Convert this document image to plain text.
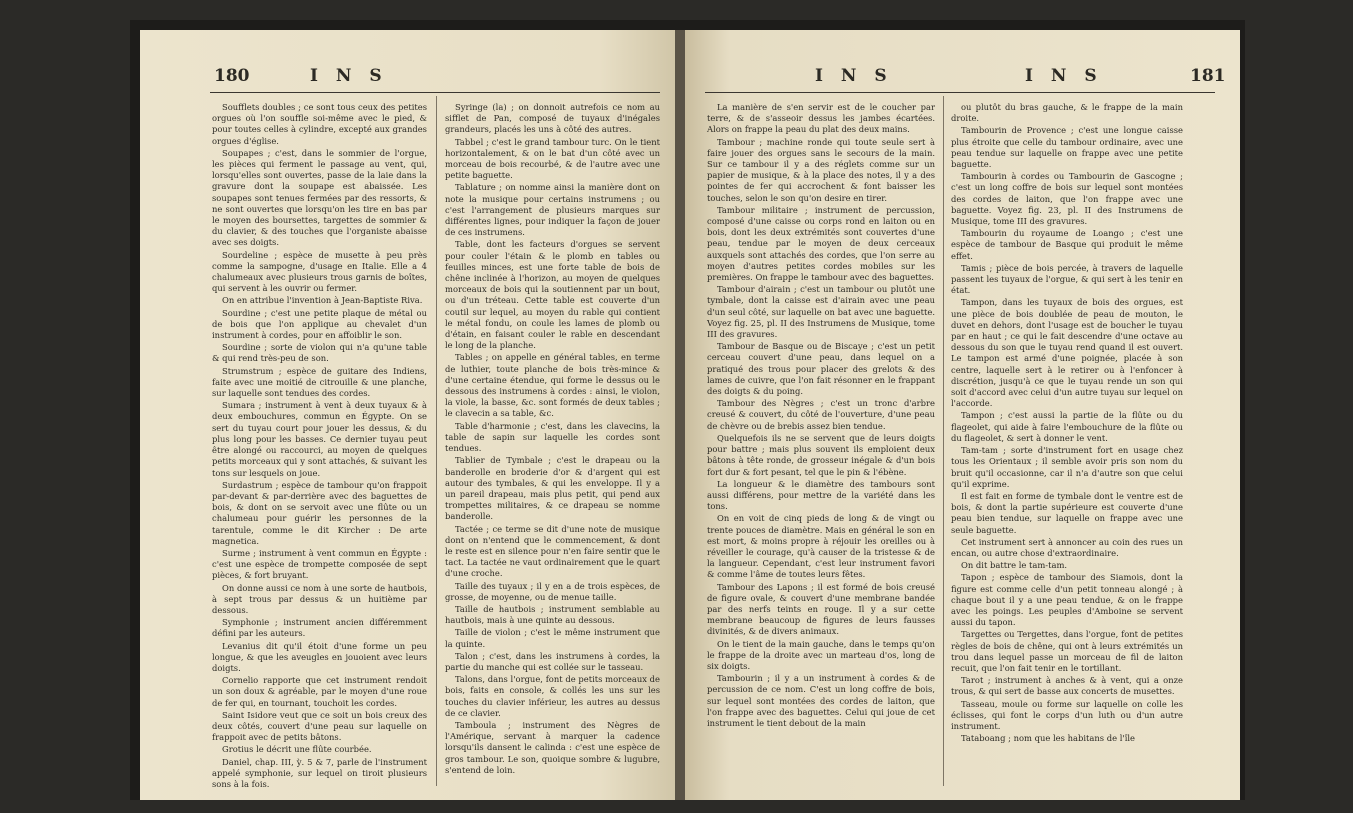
180	I N S

Soufflets doubles ; ce sont tous ceux des petites orgues où l'on souffle soi-même avec le pied, & pour toutes celles à cylindre, excepté aux grandes orgues d'église.

Soupapes ; c'est, dans le sommier de l'orgue, les pièces qui ferment le passage au vent, qui, lorsqu'elles sont ouvertes, passe de la laie dans la gravure dont la soupape est abaissée. Les soupapes sont tenues fermées par des ressorts, & ne sont ouvertes que lorsqu'on les tire en bas par le moyen des boursettes, targettes de sommier & du clavier, & des touches que l'organiste abaisse avec ses doigts.

Sourdeline ; espèce de musette à peu près comme la sampogne, d'usage en Italie. Elle a 4 chalumeaux avec plusieurs trous garnis de boîtes, qui servent à les ouvrir ou fermer.

On en attribue l'invention à Jean-Baptiste Riva.

Sourdine ; c'est une petite plaque de métal ou de bois que l'on applique au chevalet d'un instrument à cordes, pour en affoiblir le son.

Sourdine ; sorte de violon qui n'a qu'une table & qui rend très-peu de son.

Strumstrum ; espèce de guitare des Indiens, faite avec une moitié de citrouille & une planche, sur laquelle sont tendues des cordes.

Sumara ; instrument à vent à deux tuyaux & à deux embouchures, commun en Égypte. On se sert du tuyau court pour jouer les dessus, & du plus long pour les basses. Ce dernier tuyau peut être alongé ou raccourci, au moyen de quelques petits morceaux qui y sont attachés, & suivant les tons sur lesquels on joue.

Surdastrum ; espèce de tambour qu'on frappoit par-devant & par-derrière avec des baguettes de bois, & dont on se servoit avec une flûte ou un chalumeau pour guérir les personnes de la tarentule, comme le dit Kircher : De arte magnetica.

Surme ; instrument à vent commun en Égypte : c'est une espèce de trompette composée de sept pièces, & fort bruyant.

On donne aussi ce nom à une sorte de hautbois, à sept trous par dessus & un huitième par dessous.

Symphonie ; instrument ancien différemment défini par les auteurs.

Levanius dit qu'il étoit d'une forme un peu longue, & que les aveugles en jouoient avec leurs doigts.

Cornelio rapporte que cet instrument rendoit un son doux & agréable, par le moyen d'une roue de fer qui, en tournant, touchoit les cordes.

Saint Isidore veut que ce soit un bois creux des deux côtés, couvert d'une peau sur laquelle on frappoit avec de petits bâtons.

Grotius le décrit une flûte courbée.

Daniel, chap. III, ỳ. 5 & 7, parle de l'instrument appelé symphonie, sur lequel on tiroit plusieurs sons à la fois.

Syringe (la) ; on donnoit autrefois ce nom au sifflet de Pan, composé de tuyaux d'inégales grandeurs, placés les uns à côté des autres.

Tabbel ; c'est le grand tambour turc. On le tient horizontalement, & on le bat d'un côté avec un morceau de bois recourbé, & de l'autre avec une petite baguette.

Tablature ; on nomme ainsi la manière dont on note la musique pour certains instrumens ; ou c'est l'arrangement de plusieurs marques sur différentes lignes, pour indiquer la façon de jouer de ces instrumens.

Table, dont les facteurs d'orgues se servent pour couler l'étain & le plomb en tables ou feuilles minces, est une forte table de bois de chêne inclinée à l'horizon, au moyen de quelques morceaux de bois qui la soutiennent par un bout, ou d'un tréteau. Cette table est couverte d'un coutil sur lequel, au moyen du rable qui contient le métal fondu, on coule les lames de plomb ou d'étain, en faisant couler le rable en descendant le long de la planche.

Tables ; on appelle en général tables, en terme de luthier, toute planche de bois très-mince & d'une certaine étendue, qui forme le dessus ou le dessous des instrumens à cordes : ainsi, le violon, la viole, la basse, &c. sont formés de deux tables ; le clavecin a sa table, &c.

Table d'harmonie ; c'est, dans les clavecins, la table de sapin sur laquelle les cordes sont tendues.

Tablier de Tymbale ; c'est le drapeau ou la banderolle en broderie d'or & d'argent qui est autour des tymbales, & qui les enveloppe. Il y a un pareil drapeau, mais plus petit, qui pend aux trompettes militaires, & ce drapeau se nomme banderolle.

Tactée ; ce terme se dit d'une note de musique dont on n'entend que le commencement, & dont le reste est en silence pour n'en faire sentir que le tact. La tactée ne vaut ordinairement que le quart d'une croche.

Taille des tuyaux ; il y en a de trois espèces, de grosse, de moyenne, ou de menue taille.

Taille de hautbois ; instrument semblable au hautbois, mais à une quinte au dessous.

Taille de violon ; c'est le même instrument que la quinte.

Talon ; c'est, dans les instrumens à cordes, la partie du manche qui est collée sur le tasseau.

Talons, dans l'orgue, font de petits morceaux de bois, faits en console, & collés les uns sur les touches du clavier inférieur, les autres au dessus de ce clavier.

Tamboula ; instrument des Nègres de l'Amérique, servant à marquer la cadence lorsqu'ils dansent le calinda : c'est une espèce de gros tambour. Le son, quoique sombre & lugubre, s'entend de loin.

I N S	I N S	181

La manière de s'en servir est de le coucher par terre, & de s'asseoir dessus les jambes écartées. Alors on frappe la peau du plat des deux mains.

Tambour ; machine ronde qui toute seule sert à faire jouer des orgues sans le secours de la main. Sur ce tambour il y a des réglets comme sur un papier de musique, & à la place des notes, il y a des pointes de fer qui accrochent & font baisser les touches, selon le son qu'on desire en tirer.

Tambour militaire ; instrument de percussion, composé d'une caisse ou corps rond en laiton ou en bois, dont les deux extrémités sont couvertes d'une peau, tendue par le moyen de deux cerceaux auxquels sont attachés des cordes, que l'on serre au moyen d'autres petites cordes mobiles sur les premières. On frappe le tambour avec des baguettes.

Tambour d'airain ; c'est un tambour ou plutôt une tymbale, dont la caisse est d'airain avec une peau d'un seul côté, sur laquelle on bat avec une baguette. Voyez fig. 25, pl. II des Instrumens de Musique, tome III des gravures.

Tambour de Basque ou de Biscaye ; c'est un petit cerceau couvert d'une peau, dans lequel on a pratiqué des trous pour placer des grelots & des lames de cuivre, que l'on fait résonner en le frappant des doigts & du poing.

Tambour des Nègres ; c'est un tronc d'arbre creusé & couvert, du côté de l'ouverture, d'une peau de chèvre ou de brebis assez bien tendue.

Quelquefois ils ne se servent que de leurs doigts pour battre ; mais plus souvent ils emploient deux bâtons à tête ronde, de grosseur inégale & d'un bois fort dur & fort pesant, tel que le pin & l'ébène.

La longueur & le diamètre des tambours sont aussi différens, pour mettre de la variété dans les tons.

On en voit de cinq pieds de long & de vingt ou trente pouces de diamètre. Mais en général le son en est mort, & moins propre à réjouir les oreilles ou à réveiller le courage, qu'à causer de la tristesse & de la langueur. Cependant, c'est leur instrument favori & comme l'âme de toutes leurs fêtes.

Tambour des Lapons ; il est formé de bois creusé de figure ovale, & couvert d'une membrane bandée par des nerfs teints en rouge. Il y a sur cette membrane beaucoup de figures de leurs fausses divinités, & de divers animaux.

On le tient de la main gauche, dans le temps qu'on le frappe de la droite avec un marteau d'os, long de six doigts.

Tambourin ; il y a un instrument à cordes & de percussion de ce nom. C'est un long coffre de bois, sur lequel sont montées des cordes de laiton, que l'on frappe avec des baguettes. Celui qui joue de cet instrument le tient debout de la main

ou plutôt du bras gauche, & le frappe de la main droite.

Tambourin de Provence ; c'est une longue caisse plus étroite que celle du tambour ordinaire, avec une peau tendue sur laquelle on frappe avec une petite baguette.

Tambourin à cordes ou Tambourin de Gascogne ; c'est un long coffre de bois sur lequel sont montées des cordes de laiton, que l'on frappe avec une baguette. Voyez fig. 23, pl. II des Instrumens de Musique, tome III des gravures.

Tambourin du royaume de Loango ; c'est une espèce de tambour de Basque qui produit le même effet.

Tamis ; pièce de bois percée, à travers de laquelle passent les tuyaux de l'orgue, & qui sert à les tenir en état.

Tampon, dans les tuyaux de bois des orgues, est une pièce de bois doublée de peau de mouton, le duvet en dehors, dont l'usage est de boucher le tuyau par en haut ; ce qui le fait descendre d'une octave au dessous du son que le tuyau rend quand il est ouvert. Le tampon est armé d'une poignée, placée à son centre, laquelle sert à le retirer ou à l'enfoncer à discrétion, jusqu'à ce que le tuyau rende un son qui soit d'accord avec celui d'un autre tuyau sur lequel on l'accorde.

Tampon ; c'est aussi la partie de la flûte ou du flageolet, qui aide à faire l'embouchure de la flûte ou du flageolet, & sert à donner le vent.

Tam-tam ; sorte d'instrument fort en usage chez tous les Orientaux ; il semble avoir pris son nom du bruit qu'il occasionne, car il n'a d'autre son que celui qu'il exprime.

Il est fait en forme de tymbale dont le ventre est de bois, & dont la partie supérieure est couverte d'une peau bien tendue, sur laquelle on frappe avec une seule baguette.

Cet instrument sert à annoncer au coin des rues un encan, ou autre chose d'extraordinaire.

On dit battre le tam-tam.

Tapon ; espèce de tambour des Siamois, dont la figure est comme celle d'un petit tonneau alongé ; à chaque bout il y a une peau tendue, & on le frappe avec les poings. Les peuples d'Amboine se servent aussi du tapon.

Targettes ou Tergettes, dans l'orgue, font de petites règles de bois de chêne, qui ont à leurs extrémités un trou dans lequel passe un morceau de fil de laiton recuit, que l'on fait tenir en le tortillant.

Tarot ; instrument à anches & à vent, qui a onze trous, & qui sert de basse aux concerts de musettes.

Tasseau, moule ou forme sur laquelle on colle les éclisses, qui font le corps d'un luth ou d'un autre instrument.

Tataboang ; nom que les habitans de l'île
